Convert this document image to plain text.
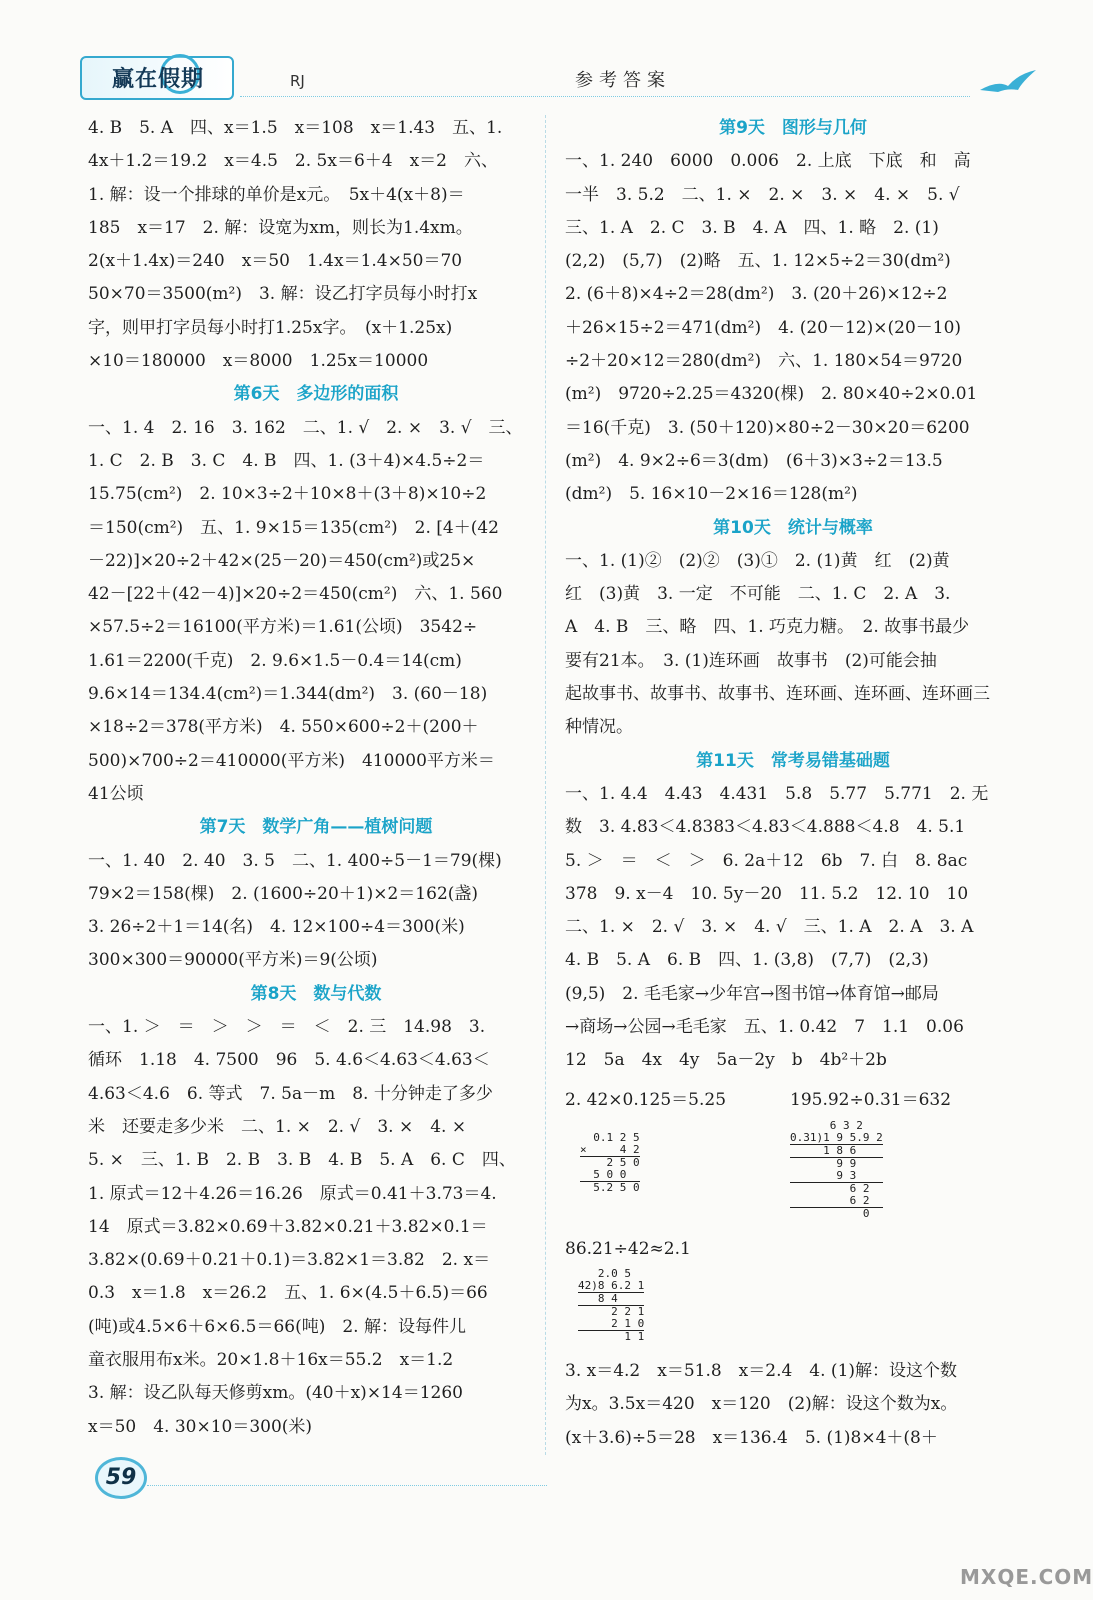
赢在假期	RJ	参考答案
4. B　5. A　四、x＝1.5　x＝108　x＝1.43　五、1.
4x＋1.2＝19.2　x＝4.5　2. 5x＝6＋4　x＝2　六、
1. 解：设一个排球的单价是x元。　5x＋4(x＋8)＝
185　x＝17　2. 解：设宽为xm，则长为1.4xm。
2(x＋1.4x)＝240　x＝50　1.4x＝1.4×50＝70
50×70＝3500(m²)　3. 解：设乙打字员每小时打x
字，则甲打字员每小时打1.25x字。　(x＋1.25x)
×10＝180000　x＝8000　1.25x＝10000
第6天　多边形的面积
一、1. 4　2. 16　3. 162　二、1. √　2. ×　3. √　三、
1. C　2. B　3. C　4. B　四、1. (3＋4)×4.5÷2＝
15.75(cm²)　2. 10×3÷2＋10×8＋(3＋8)×10÷2
＝150(cm²)　五、1. 9×15＝135(cm²)　2. [4＋(42
－22)]×20÷2＋42×(25－20)＝450(cm²)或25×
42－[22＋(42－4)]×20÷2＝450(cm²)　六、1. 560
×57.5÷2＝16100(平方米)＝1.61(公顷)　3542÷
1.61＝2200(千克)　2. 9.6×1.5－0.4＝14(cm)
9.6×14＝134.4(cm²)＝1.344(dm²)　3. (60－18)
×18÷2＝378(平方米)　4. 550×600÷2＋(200＋
500)×700÷2＝410000(平方米)　410000平方米＝
41公顷
第7天　数学广角——植树问题
一、1. 40　2. 40　3. 5　二、1. 400÷5－1＝79(棵)
79×2＝158(棵)　2. (1600÷20＋1)×2＝162(盏)
3. 26÷2＋1＝14(名)　4. 12×100÷4＝300(米)
300×300＝90000(平方米)＝9(公顷)
第8天　数与代数
一、1. ＞　＝　＞　＞　＝　＜　2. 三　14.98　3.
循环　1.18　4. 7500　96　5. 4.6＜4.63＜4.63＜
4.63＜4.6　6. 等式　7. 5a－m　8. 十分钟走了多少
米　还要走多少米　二、1. ×　2. √　3. ×　4. ×
5. ×　三、1. B　2. B　3. B　4. B　5. A　6. C　四、
1. 原式＝12＋4.26＝16.26　原式＝0.41＋3.73＝4.
14　原式＝3.82×0.69＋3.82×0.21＋3.82×0.1＝
3.82×(0.69＋0.21＋0.1)＝3.82×1＝3.82　2. x＝
0.3　x＝1.8　x＝26.2　五、1. 6×(4.5＋6.5)＝66
(吨)或4.5×6＋6×6.5＝66(吨)　2. 解：设每件儿
童衣服用布x米。20×1.8＋16x＝55.2　x＝1.2
3. 解：设乙队每天修剪xm。(40＋x)×14＝1260
x＝50　4. 30×10＝300(米)
第9天　图形与几何
一、1. 240　6000　0.006　2. 上底　下底　和　高
一半　3. 5.2　二、1. ×　2. ×　3. ×　4. ×　5. √
三、1. A　2. C　3. B　4. A　四、1. 略　2. (1)
(2,2)　(5,7)　(2)略　五、1. 12×5÷2＝30(dm²)
2. (6＋8)×4÷2＝28(dm²)　3. (20＋26)×12÷2
＋26×15÷2＝471(dm²)　4. (20－12)×(20－10)
÷2＋20×12＝280(dm²)　六、1. 180×54＝9720
(m²)　9720÷2.25＝4320(棵)　2. 80×40÷2×0.01
＝16(千克)　3. (50＋120)×80÷2－30×20＝6200
(m²)　4. 9×2÷6＝3(dm)　(6＋3)×3÷2＝13.5
(dm²)　5. 16×10－2×16＝128(m²)
第10天　统计与概率
一、1. (1)②　(2)②　(3)①　2. (1)黄　红　(2)黄
红　(3)黄　3. 一定　不可能　二、1. C　2. A　3.
A　4. B　三、略　四、1. 巧克力糖。　2. 故事书最少
要有21本。　3. (1)连环画　故事书　(2)可能会抽
起故事书、故事书、故事书、连环画、连环画、连环画三
种情况。
第11天　常考易错基础题
一、1. 4.4　4.43　4.431　5.8　5.77　5.771　2. 无
数　3. 4.83＜4.8383＜4.83＜4.888＜4.8　4. 5.1
5. ＞　＝　＜　＞　6. 2a＋12　6b　7. 白　8. 8ac
378　9. x－4　10. 5y－20　11. 5.2　12. 10　10
二、1. ×　2. √　3. ×　4. √　三、1. A　2. A　3. A
4. B　5. A　6. B　四、1. (3,8)　(7,7)　(2,3)
(9,5)　2. 毛毛家→少年宫→图书馆→体育馆→邮局
→商场→公园→毛毛家　五、1. 0.42　7　1.1　0.06
12　5a　4x　4y　5a－2y　b　4b²＋2b
2. 42×0.125＝5.25	195.92÷0.31＝632
0.1 2 5
×     4 2
2 5 0
5 0 0
5.2 5 0
6 3 2
0.31)1 9 5.9 2
1 8 6
9 9
9 3
6 2
6 2
0
86.21÷42≈2.1
2.0 5
42)8 6.2 1
8 4
2 2 1
2 1 0
1 1
3. x＝4.2　x＝51.8　x＝2.4　4. (1)解：设这个数
为x。3.5x＝420　x＝120　(2)解：设这个数为x。
(x＋3.6)÷5＝28　x＝136.4　5. (1)8×4＋(8＋
59
MXQE.COM
